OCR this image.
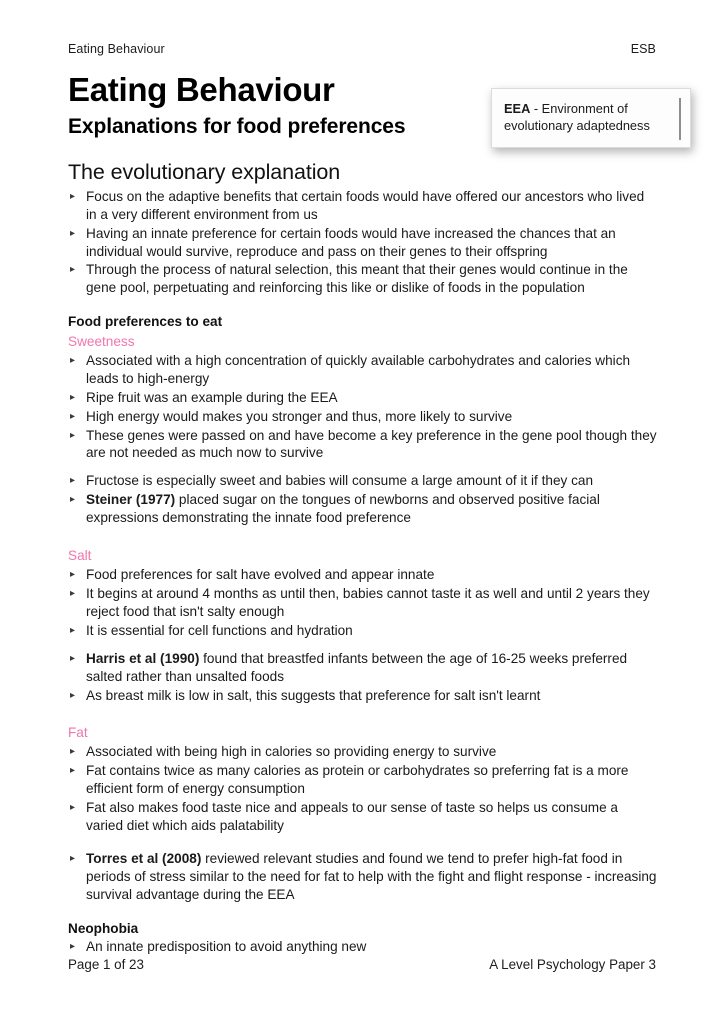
Eating Behaviour	ESB
Eating Behaviour
Explanations for food preferences
EEA - Environment of evolutionary adaptedness
The evolutionary explanation
▸ Focus on the adaptive benefits that certain foods would have offered our ancestors who lived in a very different environment from us
▸ Having an innate preference for certain foods would have increased the chances that an individual would survive, reproduce and pass on their genes to their offspring
▸ Through the process of natural selection, this meant that their genes would continue in the gene pool, perpetuating and reinforcing this like or dislike of foods in the population
Food preferences to eat
Sweetness
▸ Associated with a high concentration of quickly available carbohydrates and calories which leads to high-energy
▸ Ripe fruit was an example during the EEA
▸ High energy would makes you stronger and thus, more likely to survive
▸ These genes were passed on and have become a key preference in the gene pool though they are not needed as much now to survive
▸ Fructose is especially sweet and babies will consume a large amount of it if they can
▸ Steiner (1977) placed sugar on the tongues of newborns and observed positive facial expressions demonstrating the innate food preference
Salt
▸ Food preferences for salt have evolved and appear innate
▸ It begins at around 4 months as until then, babies cannot taste it as well and until 2 years they reject food that isn't salty enough
▸ It is essential for cell functions and hydration
▸ Harris et al (1990) found that breastfed infants between the age of 16-25 weeks preferred salted rather than unsalted foods
▸ As breast milk is low in salt, this suggests that preference for salt isn't learnt
Fat
▸ Associated with being high in calories so providing energy to survive
▸ Fat contains twice as many calories as protein or carbohydrates so preferring fat is a more efficient form of energy consumption
▸ Fat also makes food taste nice and appeals to our sense of taste so helps us consume a varied diet which aids palatability
▸ Torres et al (2008) reviewed relevant studies and found we tend to prefer high-fat food in periods of stress similar to the need for fat to help with the fight and flight response - increasing survival advantage during the EEA
Neophobia
▸ An innate predisposition to avoid anything new
Page 1 of 23	A Level Psychology Paper 3
